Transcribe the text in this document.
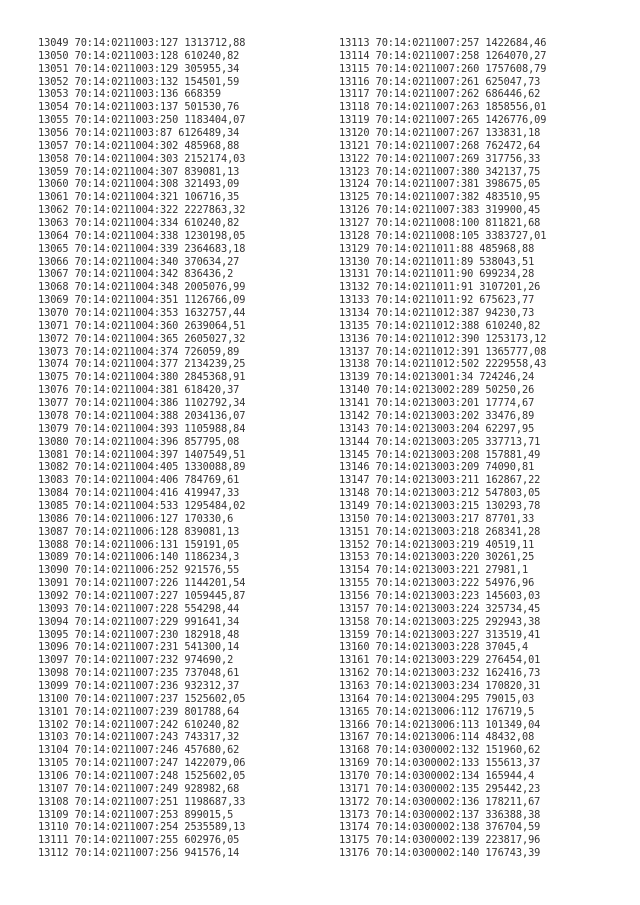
13049 70:14:0211003:127 1313712,88
13050 70:14:0211003:128 610240,82
13051 70:14:0211003:129 305955,34
13052 70:14:0211003:132 154501,59
13053 70:14:0211003:136 668359
13054 70:14:0211003:137 501530,76
13055 70:14:0211003:250 1183404,07
13056 70:14:0211003:87 6126489,34
13057 70:14:0211004:302 485968,88
13058 70:14:0211004:303 2152174,03
13059 70:14:0211004:307 839081,13
13060 70:14:0211004:308 321493,09
13061 70:14:0211004:321 106716,35
13062 70:14:0211004:322 2227863,32
13063 70:14:0211004:334 610240,82
13064 70:14:0211004:338 1230198,05
13065 70:14:0211004:339 2364683,18
13066 70:14:0211004:340 370634,27
13067 70:14:0211004:342 836436,2
13068 70:14:0211004:348 2005076,99
13069 70:14:0211004:351 1126766,09
13070 70:14:0211004:353 1632757,44
13071 70:14:0211004:360 2639064,51
13072 70:14:0211004:365 2605027,32
13073 70:14:0211004:374 726059,89
13074 70:14:0211004:377 2134239,25
13075 70:14:0211004:380 2845368,91
13076 70:14:0211004:381 618420,37
13077 70:14:0211004:386 1102792,34
13078 70:14:0211004:388 2034136,07
13079 70:14:0211004:393 1105988,84
13080 70:14:0211004:396 857795,08
13081 70:14:0211004:397 1407549,51
13082 70:14:0211004:405 1330088,89
13083 70:14:0211004:406 784769,61
13084 70:14:0211004:416 419947,33
13085 70:14:0211004:533 1295484,02
13086 70:14:0211006:127 170330,6
13087 70:14:0211006:128 839081,13
13088 70:14:0211006:131 159191,05
13089 70:14:0211006:140 1186234,3
13090 70:14:0211006:252 921576,55
13091 70:14:0211007:226 1144201,54
13092 70:14:0211007:227 1059445,87
13093 70:14:0211007:228 554298,44
13094 70:14:0211007:229 991641,34
13095 70:14:0211007:230 182918,48
13096 70:14:0211007:231 541300,14
13097 70:14:0211007:232 974690,2
13098 70:14:0211007:235 737048,61
13099 70:14:0211007:236 932312,37
13100 70:14:0211007:237 1525602,05
13101 70:14:0211007:239 801788,64
13102 70:14:0211007:242 610240,82
13103 70:14:0211007:243 743317,32
13104 70:14:0211007:246 457680,62
13105 70:14:0211007:247 1422079,06
13106 70:14:0211007:248 1525602,05
13107 70:14:0211007:249 928982,68
13108 70:14:0211007:251 1198687,33
13109 70:14:0211007:253 899015,5
13110 70:14:0211007:254 2535589,13
13111 70:14:0211007:255 602976,05
13112 70:14:0211007:256 941576,14
13113 70:14:0211007:257 1422684,46
13114 70:14:0211007:258 1264070,27
13115 70:14:0211007:260 1757608,79
13116 70:14:0211007:261 625047,73
13117 70:14:0211007:262 686446,62
13118 70:14:0211007:263 1858556,01
13119 70:14:0211007:265 1426776,09
13120 70:14:0211007:267 133831,18
13121 70:14:0211007:268 762472,64
13122 70:14:0211007:269 317756,33
13123 70:14:0211007:380 342137,75
13124 70:14:0211007:381 398675,05
13125 70:14:0211007:382 483510,95
13126 70:14:0211007:383 319900,45
13127 70:14:0211008:100 811821,68
13128 70:14:0211008:105 3383727,01
13129 70:14:0211011:88 485968,88
13130 70:14:0211011:89 538043,51
13131 70:14:0211011:90 699234,28
13132 70:14:0211011:91 3107201,26
13133 70:14:0211011:92 675623,77
13134 70:14:0211012:387 94230,73
13135 70:14:0211012:388 610240,82
13136 70:14:0211012:390 1253173,12
13137 70:14:0211012:391 1365777,08
13138 70:14:0211012:502 2229558,43
13139 70:14:0213001:34 724246,24
13140 70:14:0213002:289 50250,26
13141 70:14:0213003:201 17774,67
13142 70:14:0213003:202 33476,89
13143 70:14:0213003:204 62297,95
13144 70:14:0213003:205 337713,71
13145 70:14:0213003:208 157881,49
13146 70:14:0213003:209 74090,81
13147 70:14:0213003:211 162867,22
13148 70:14:0213003:212 547803,05
13149 70:14:0213003:215 130293,78
13150 70:14:0213003:217 87701,33
13151 70:14:0213003:218 268341,28
13152 70:14:0213003:219 40519,11
13153 70:14:0213003:220 30261,25
13154 70:14:0213003:221 27981,1
13155 70:14:0213003:222 54976,96
13156 70:14:0213003:223 145603,03
13157 70:14:0213003:224 325734,45
13158 70:14:0213003:225 292943,38
13159 70:14:0213003:227 313519,41
13160 70:14:0213003:228 37045,4
13161 70:14:0213003:229 276454,01
13162 70:14:0213003:232 162416,73
13163 70:14:0213003:234 170820,31
13164 70:14:0213004:295 79015,03
13165 70:14:0213006:112 176719,5
13166 70:14:0213006:113 101349,04
13167 70:14:0213006:114 48432,08
13168 70:14:0300002:132 151960,62
13169 70:14:0300002:133 155613,37
13170 70:14:0300002:134 165944,4
13171 70:14:0300002:135 295442,23
13172 70:14:0300002:136 178211,67
13173 70:14:0300002:137 336388,38
13174 70:14:0300002:138 376704,59
13175 70:14:0300002:139 223817,96
13176 70:14:0300002:140 176743,39
